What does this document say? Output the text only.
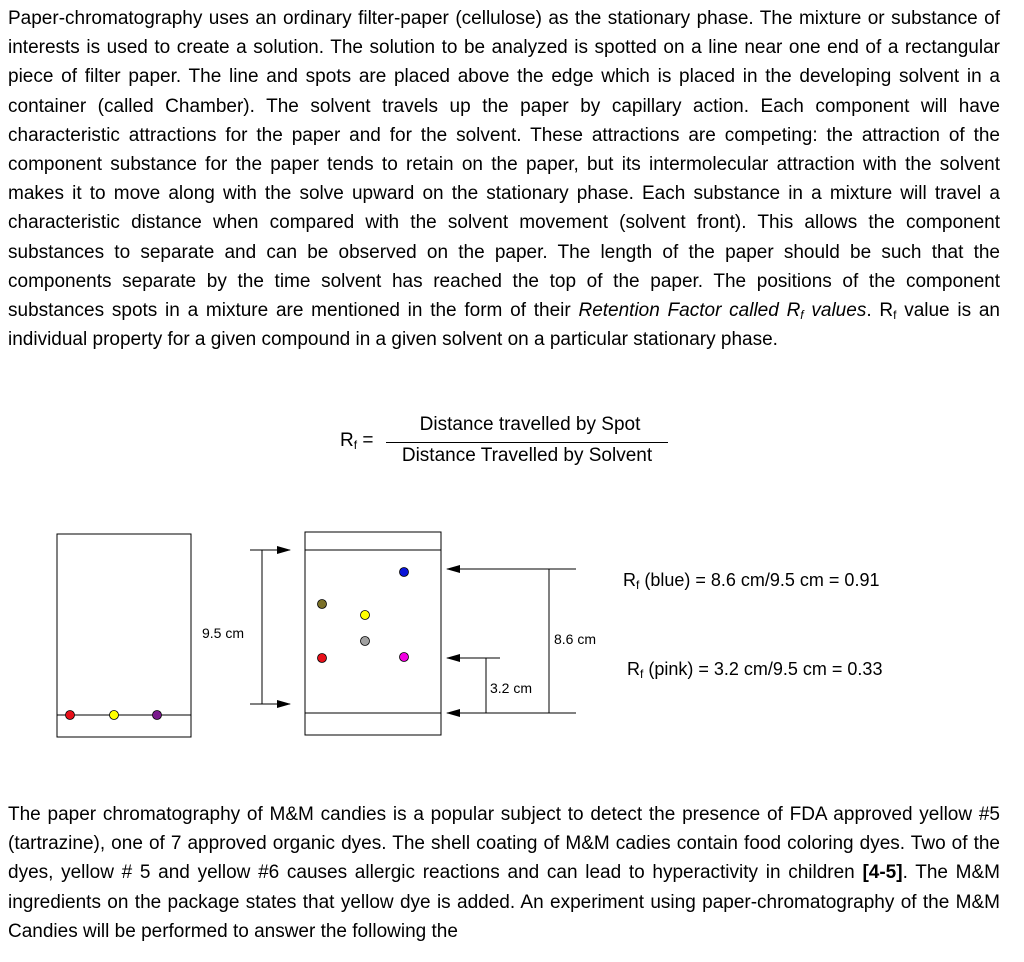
Paper-chromatography uses an ordinary filter-paper (cellulose) as the stationary phase. The mixture or substance of interests is used to create a solution. The solution to be analyzed is spotted on a line near one end of a rectangular piece of filter paper. The line and spots are placed above the edge which is placed in the developing solvent in a container (called Chamber). The solvent travels up the paper by capillary action. Each component will have characteristic attractions for the paper and for the solvent. These attractions are competing: the attraction of the component substance for the paper tends to retain on the paper, but its intermolecular attraction with the solvent makes it to move along with the solve upward on the stationary phase. Each substance in a mixture will travel a characteristic distance when compared with the solvent movement (solvent front). This allows the component substances to separate and can be observed on the paper. The length of the paper should be such that the components separate by the time solvent has reached the top of the paper. The positions of the component substances spots in a mixture are mentioned in the form of their Retention Factor called $R_f$ values. $R_f$ value is an individual property for a given compound in a given solvent on a particular stationary phase.

$R_f$ =
Distance travelled by Spot
Distance Travelled by Solvent
9.5 cm	8.6 cm
3.2 cm
$R_f$ (blue) = 8.6 cm/9.5 cm = 0.91
$R_f$ (pink) = 3.2 cm/9.5 cm = 0.33

The paper chromatography of M&M candies is a popular subject to detect the presence of FDA approved yellow #5 (tartrazine), one of 7 approved organic dyes. The shell coating of M&M cadies contain food coloring dyes. Two of the dyes, yellow # 5 and yellow #6 causes allergic reactions and can lead to hyperactivity in children [4-5]. The M&M ingredients on the package states that yellow dye is added. An experiment using paper-chromatography of the M&M Candies will be performed to answer the following the
